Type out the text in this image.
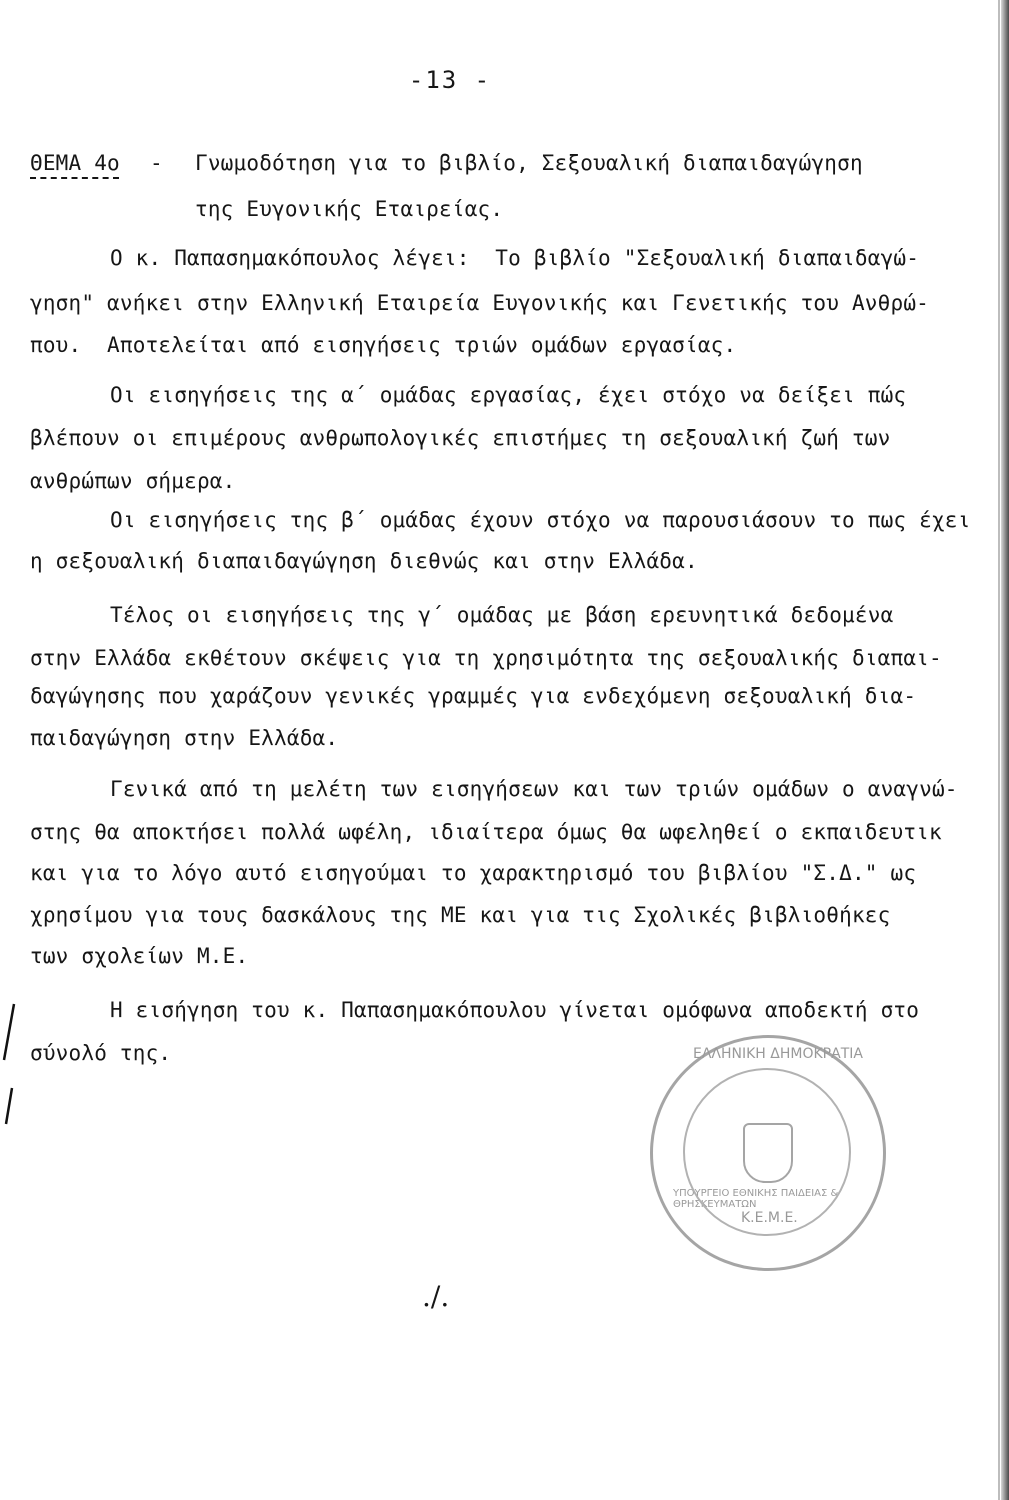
-13 -
ΘΕΜΑ 4ο - Γνωμοδότηση για το βιβλίο, Σεξουαλική διαπαιδαγώγηση
της Ευγονικής Εταιρείας.
Ο κ. Παπασημακόπουλος λέγει:  Το βιβλίο "Σεξουαλική διαπαιδαγώ-
γηση" ανήκει στην Ελληνική Εταιρεία Ευγονικής και Γενετικής του Ανθρώ-
που.  Αποτελείται από εισηγήσεις τριών ομάδων εργασίας.
Οι εισηγήσεις της α΄ ομάδας εργασίας, έχει στόχο να δείξει πώς
βλέπουν οι επιμέρους ανθρωπολογικές επιστήμες τη σεξουαλική ζωή των
ανθρώπων σήμερα.
Οι εισηγήσεις της β΄ ομάδας έχουν στόχο να παρουσιάσουν το πως έχει
η σεξουαλική διαπαιδαγώγηση διεθνώς και στην Ελλάδα.
Τέλος οι εισηγήσεις της γ΄ ομάδας με βάση ερευνητικά δεδομένα
στην Ελλάδα εκθέτουν σκέψεις για τη χρησιμότητα της σεξουαλικής διαπαι-
δαγώγησης που χαράζουν γενικές γραμμές για ενδεχόμενη σεξουαλική δια-
παιδαγώγηση στην Ελλάδα.
Γενικά από τη μελέτη των εισηγήσεων και των τριών ομάδων ο αναγνώ-
στης θα αποκτήσει πολλά ωφέλη, ιδιαίτερα όμως θα ωφεληθεί ο εκπαιδευτικ
και για το λόγο αυτό εισηγούμαι το χαρακτηρισμό του βιβλίου "Σ.Δ." ως
χρησίμου για τους δασκάλους της ΜΕ και για τις Σχολικές βιβλιοθήκες
των σχολείων Μ.Ε.
Η εισήγηση του κ. Παπασημακόπουλου γίνεται ομόφωνα αποδεκτή στο
σύνολό της.	ΕΛΛΗΝΙΚΗ ΔΗΜΟΚΡΑΤΙΑ
ΥΠΟΥΡΓΕΙΟ ΕΘΝΙΚΗΣ ΠΑΙΔΕΙΑΣ & ΘΡΗΣΚΕΥΜΑΤΩΝ
Κ.Ε.Μ.Ε.
./.
